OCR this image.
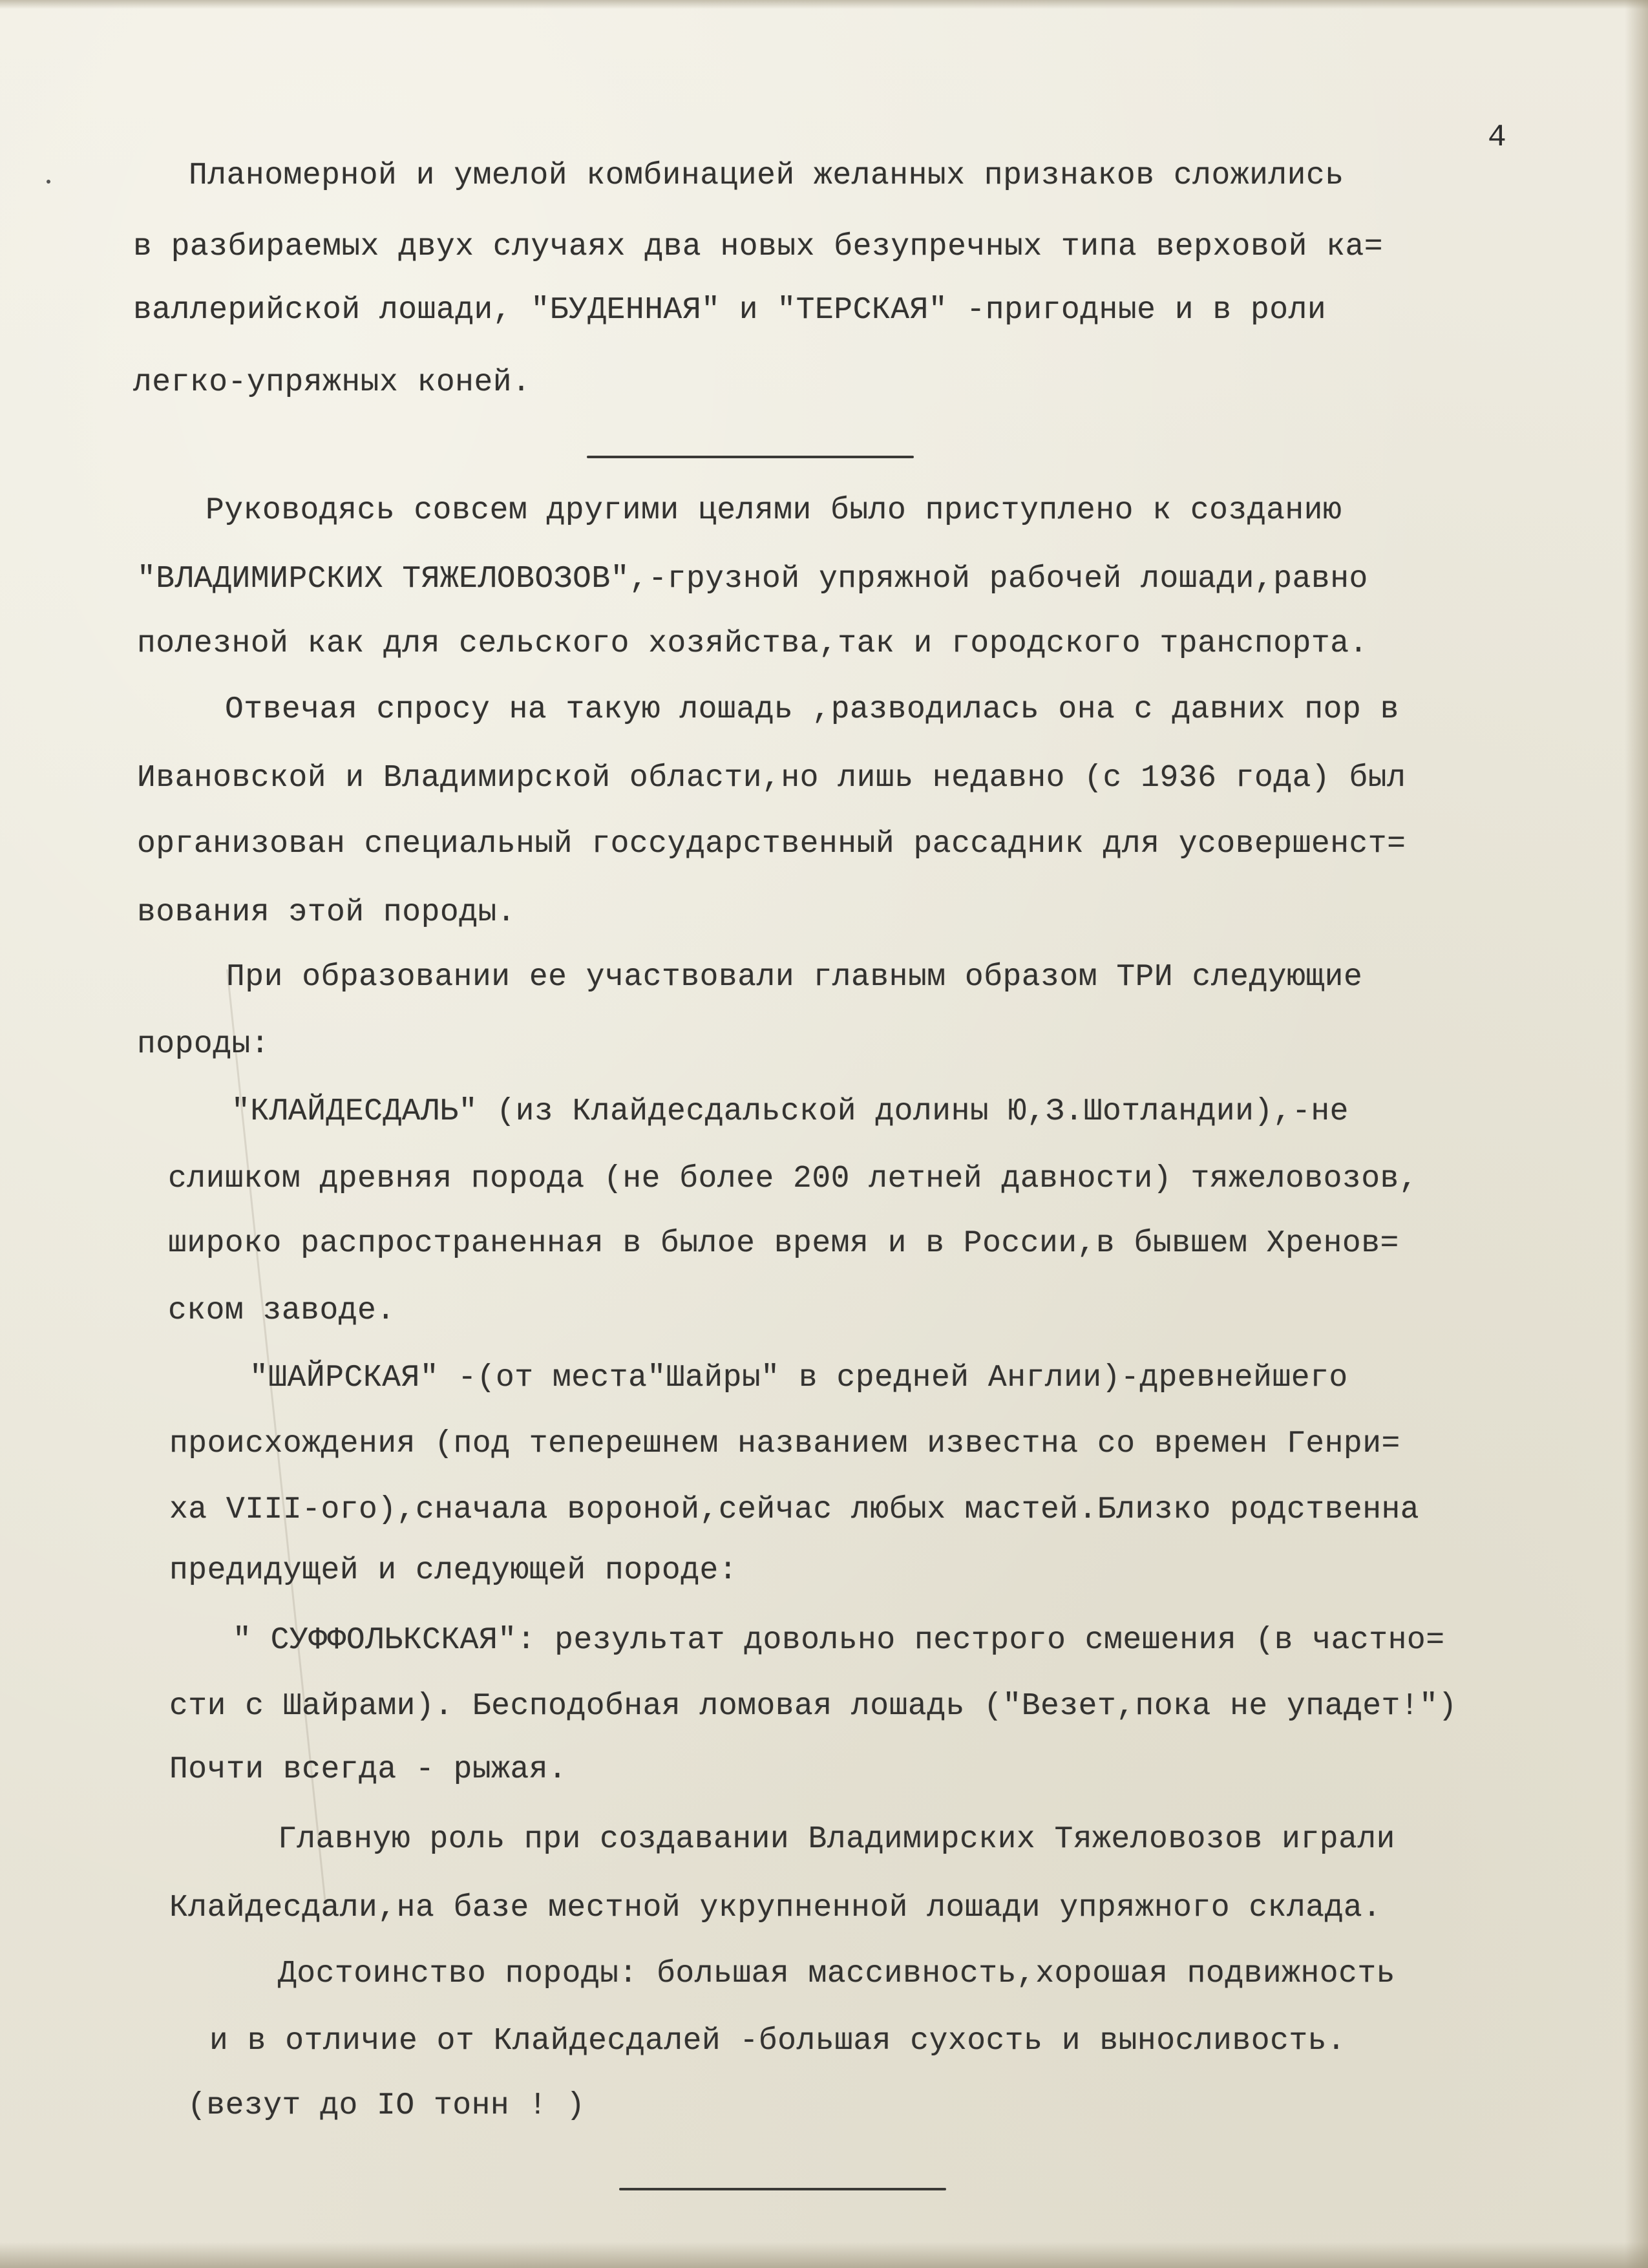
4
Планомерной и умелой комбинацией желанных признаков сложились
в разбираемых двух случаях два новых безупречных типа верховой ка=
валлерийской лошади, "БУДЕННАЯ" и "ТЕРСКАЯ" -пригодные и в роли
легко-упряжных коней.
Руководясь совсем другими целями было приступлено к созданию
"ВЛАДИМИРСКИХ ТЯЖЕЛОВОЗОВ",-грузной упряжной рабочей лошади,равно
полезной как для сельского хозяйства,так и городского транспорта.
Отвечая спросу на такую лошадь ,разводилась она с давних пор в
Ивановской и Владимирской области,но лишь недавно (с 1936 года) был
организован специальный госсударственный рассадник для усовершенст=
вования этой породы.
При образовании ее участвовали главным образом ТРИ следующие
породы:
"КЛАЙДЕСДАЛЬ" (из Клайдесдальской долины Ю,З.Шотландии),-не
слишком древняя порода (не более 200 летней давности) тяжеловозов,
широко распространенная в былое время и в России,в бывшем Хренов=
ском заводе.
"ШАЙРСКАЯ" -(от места"Шайры" в средней Англии)-древнейшего
происхождения (под теперешнем названием известна со времен Генри=
ха VIII-ого),сначала вороной,сейчас любых мастей.Близко родственна
предидущей и следующей породе:
" СУФФОЛЬКСКАЯ": результат довольно пестрого смешения (в частно=
сти с Шайрами). Бесподобная ломовая лошадь ("Везет,пока не упадет!")
Почти всегда - рыжая.
Главную роль при создавании Владимирских Тяжеловозов играли
Клайдесдали,на базе местной укрупненной лошади упряжного склада.
Достоинство породы: большая массивность,хорошая подвижность
и в отличие от Клайдесдалей -большая сухость и выносливость.
(везут до IO тонн ! )
